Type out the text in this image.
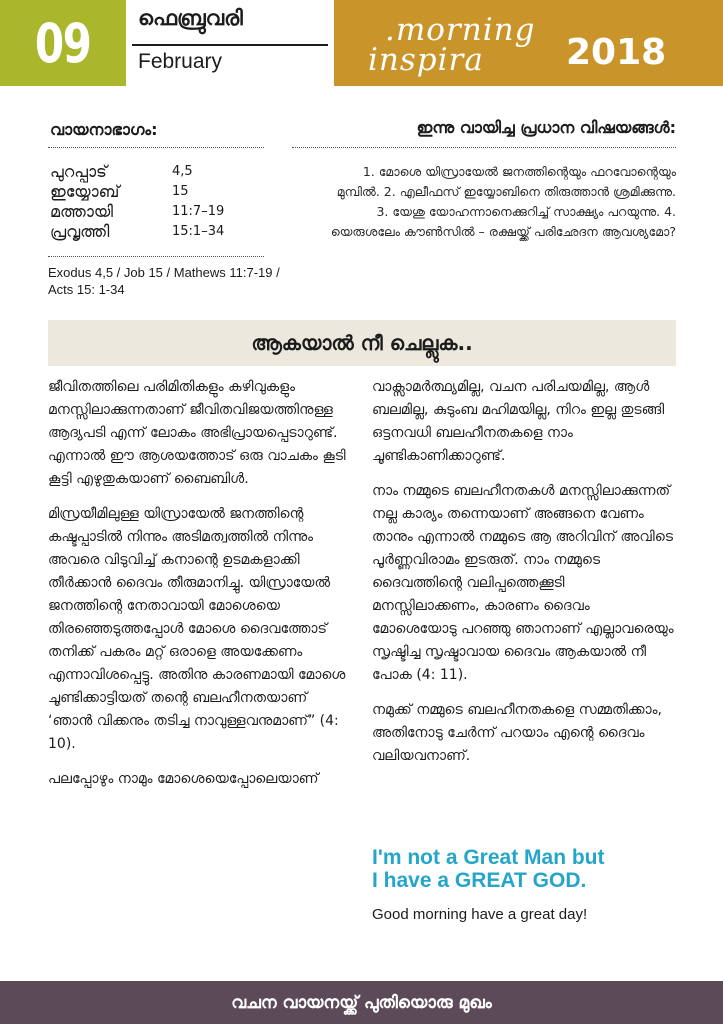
09 ഫെബ്രുവരി
February
.morning
inspira 2018
വായനാഭാഗം:
പുറപ്പാട്	4,5
ഇയ്യോബ്	15
മത്തായി	11:7–19
പ്രവൃത്തി	15:1–34
Exodus 4,5 / Job 15 / Mathews 11:7-19 / Acts 15: 1-34
ഇന്നു വായിച്ച പ്രധാന വിഷയങ്ങൾ:
1. മോശെ യിസ്രായേൽ ജനത്തിന്റെയും ഫറവോന്റെയും മുമ്പിൽ. 2. എലീഫസ് ഇയ്യോബിനെ തിരുത്താൻ ശ്രമിക്കുന്നു. 3. യേശു യോഹന്നാനെക്കുറിച്ച് സാക്ഷ്യം പറയുന്നു. 4. യെരുശലേം കൗൺസിൽ – രക്ഷയ്ക്ക് പരിഛേദന ആവശ്യമോ?
ആകയാൽ നീ ചെല്ലുക..

ജീവിതത്തിലെ പരിമിതികളും കഴിവുകളും മനസ്സിലാക്കുന്നതാണ് ജീവിതവിജയത്തിനുള്ള ആദ്യപടി എന്ന് ലോകം അഭിപ്രായപ്പെടാറുണ്ട്. എന്നാൽ ഈ ആശയത്തോട് ഒരു വാചകം കൂടി കൂട്ടി എഴുതുകയാണ് ബൈബിൾ.

മിസ്രയീമിലുള്ള യിസ്രായേൽ ജനത്തിന്റെ കഷ്ടപ്പാടിൽ നിന്നും അടിമത്വത്തിൽ നിന്നും അവരെ വിടുവിച്ച് കനാന്റെ ഉടമകളാക്കി തീർക്കാൻ ദൈവം തീരുമാനിച്ചു. യിസ്രായേൽ ജനത്തിന്റെ നേതാവായി മോശെയെ തിരഞ്ഞെടുത്തപ്പോൾ മോശെ ദൈവത്തോട് തനിക്ക് പകരം മറ്റ് ഒരാളെ അയക്കേണം എന്നാവിശപ്പെട്ടു. അതിനു കാരണമായി മോശെ ചൂണ്ടിക്കാട്ടിയത് തന്റെ ബലഹീനതയാണ് ‘ഞാൻ വിക്കനും തടിച്ച നാവുള്ളവനുമാണ്” (4: 10).

പലപ്പോഴും നാമും മോശെയെപ്പോലെയാണ്

വാക്സാമർത്ഥ്യമില്ല, വചന പരിചയമില്ല, ആൾ ബലമില്ല, കുടുംബ മഹിമയില്ല, നിറം ഇല്ല തുടങ്ങി ഒട്ടനവധി ബലഹീനതകളെ നാം ചൂണ്ടികാണിക്കാറുണ്ട്.

നാം നമ്മുടെ ബലഹീനതകൾ മനസ്സിലാക്കുന്നത് നല്ല കാര്യം തന്നെയാണ് അങ്ങനെ വേണം താനും എന്നാൽ നമ്മുടെ ആ അറിവിന് അവിടെ പൂർണ്ണവിരാമം ഇടരുത്. നാം നമ്മുടെ ദൈവത്തിന്റെ വലിപ്പത്തെക്കൂടി മനസ്സിലാക്കണം, കാരണം ദൈവം മോശെയോടു പറഞ്ഞു ഞാനാണ് എല്ലാവരെയും സൃഷ്ടിച്ച സൃഷ്ടാവായ ദൈവം ആകയാൽ നീ പോക (4: 11).

നമുക്ക് നമ്മുടെ ബലഹീനതകളെ സമ്മതിക്കാം, അതിനോടു ചേർന്ന് പറയാം എന്റെ ദൈവം വലിയവനാണ്.

I'm not a Great Man but
I have a GREAT GOD.
Good morning have a great day!
വചന വായനയ്ക്ക് പുതിയൊരു മുഖം
